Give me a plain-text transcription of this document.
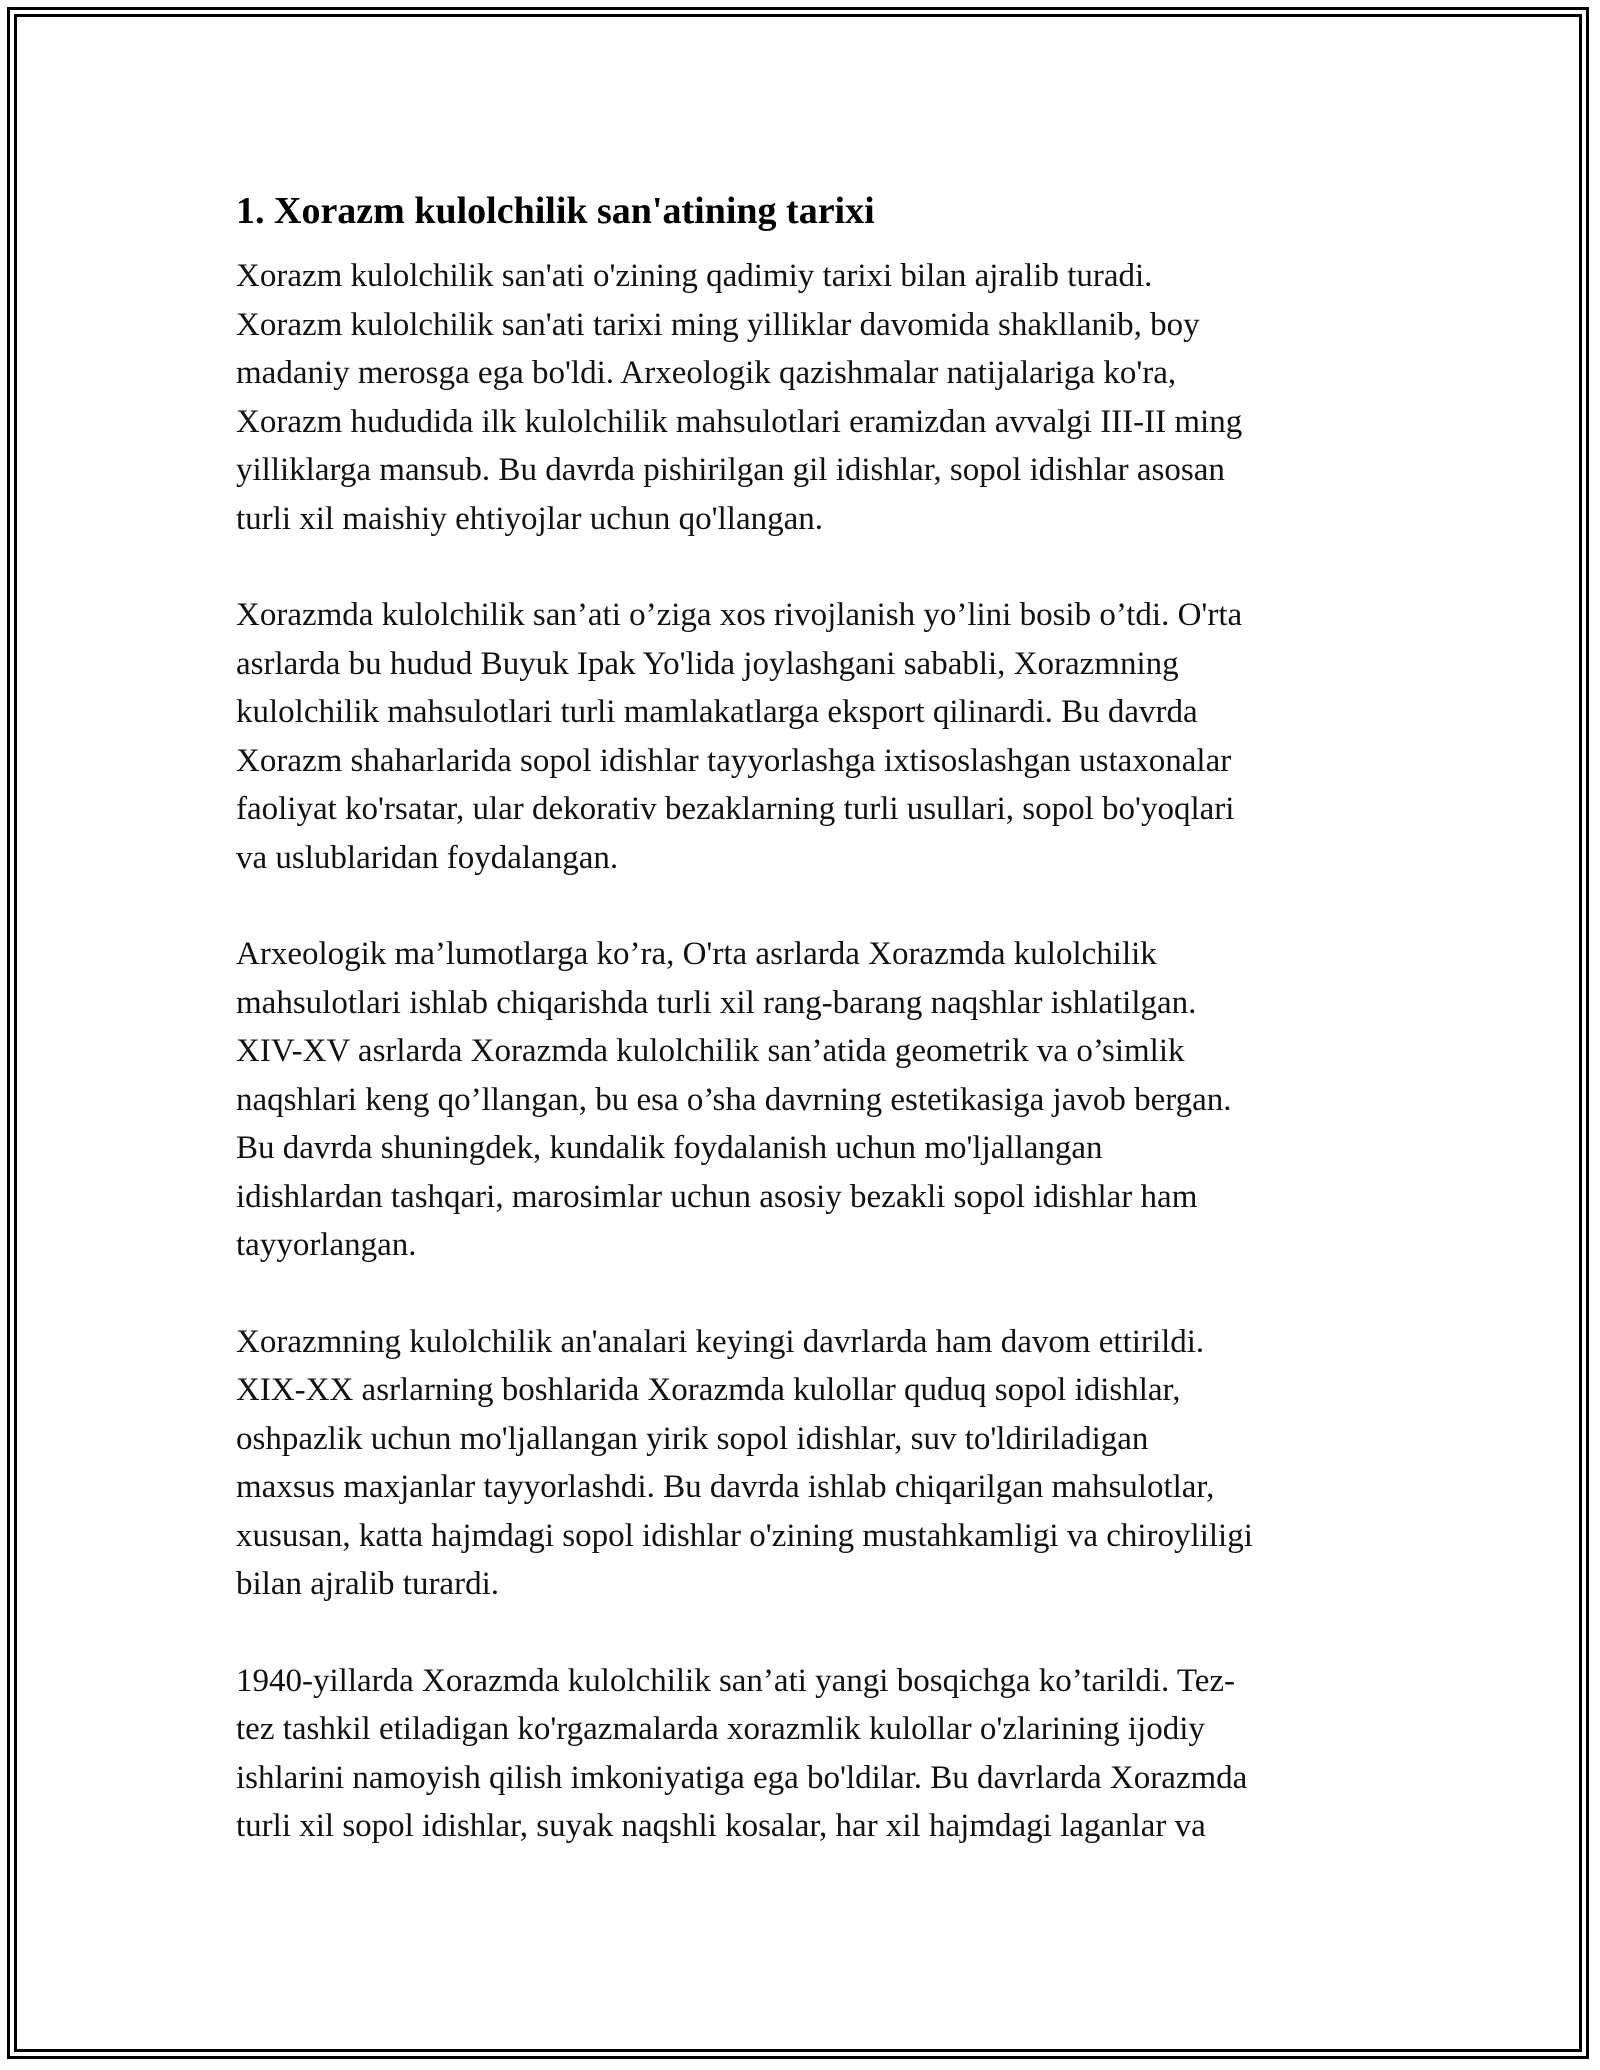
1. Xorazm kulolchilik san'atining tarixi

Xorazm kulolchilik san'ati o'zining qadimiy tarixi bilan ajralib turadi.
Xorazm kulolchilik san'ati tarixi ming yilliklar davomida shakllanib, boy
madaniy merosga ega bo'ldi. Arxeologik qazishmalar natijalariga ko'ra,
Xorazm hududida ilk kulolchilik mahsulotlari eramizdan avvalgi III-II ming
yilliklarga mansub. Bu davrda pishirilgan gil idishlar, sopol idishlar asosan
turli xil maishiy ehtiyojlar uchun qo'llangan.

Xorazmda kulolchilik san’ati o’ziga xos rivojlanish yo’lini bosib o’tdi. O'rta
asrlarda bu hudud Buyuk Ipak Yo'lida joylashgani sababli, Xorazmning
kulolchilik mahsulotlari turli mamlakatlarga eksport qilinardi. Bu davrda
Xorazm shaharlarida sopol idishlar tayyorlashga ixtisoslashgan ustaxonalar
faoliyat ko'rsatar, ular dekorativ bezaklarning turli usullari, sopol bo'yoqlari
va uslublaridan foydalangan.

Arxeologik ma’lumotlarga ko’ra, O'rta asrlarda Xorazmda kulolchilik
mahsulotlari ishlab chiqarishda turli xil rang-barang naqshlar ishlatilgan.
XIV-XV asrlarda Xorazmda kulolchilik san’atida geometrik va o’simlik
naqshlari keng qo’llangan, bu esa o’sha davrning estetikasiga javob bergan.
Bu davrda shuningdek, kundalik foydalanish uchun mo'ljallangan
idishlardan tashqari, marosimlar uchun asosiy bezakli sopol idishlar ham
tayyorlangan.

Xorazmning kulolchilik an'analari keyingi davrlarda ham davom ettirildi.
XIX-XX asrlarning boshlarida Xorazmda kulollar quduq sopol idishlar,
oshpazlik uchun mo'ljallangan yirik sopol idishlar, suv to'ldiriladigan
maxsus maxjanlar tayyorlashdi. Bu davrda ishlab chiqarilgan mahsulotlar,
xususan, katta hajmdagi sopol idishlar o'zining mustahkamligi va chiroyliligi
bilan ajralib turardi.

1940-yillarda Xorazmda kulolchilik san’ati yangi bosqichga ko’tarildi. Tez-
tez tashkil etiladigan ko'rgazmalarda xorazmlik kulollar o'zlarining ijodiy
ishlarini namoyish qilish imkoniyatiga ega bo'ldilar. Bu davrlarda Xorazmda
turli xil sopol idishlar, suyak naqshli kosalar, har xil hajmdagi laganlar va
